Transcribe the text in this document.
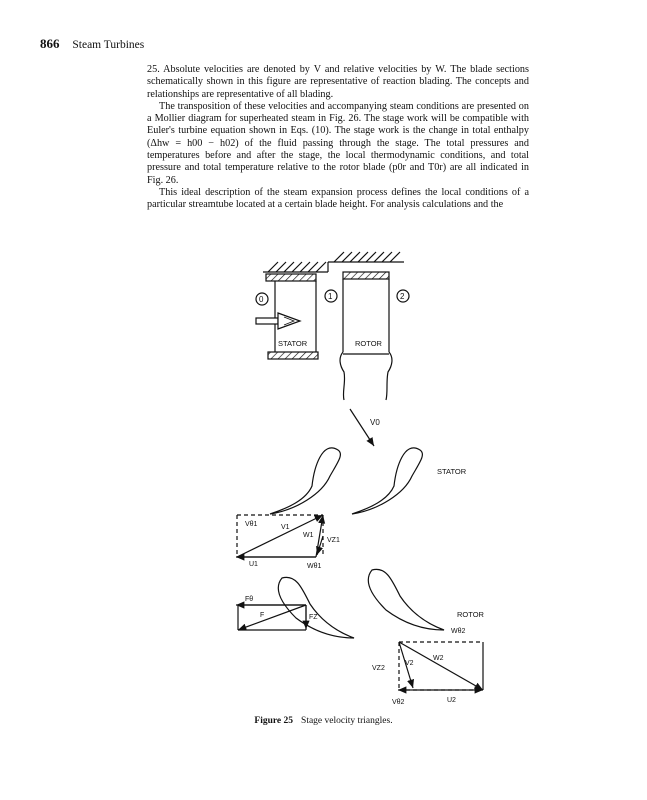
866 Steam Turbines

25. Absolute velocities are denoted by V and relative velocities by W. The blade sections schematically shown in this figure are representative of reaction blading. The concepts and relationships are representative of all blading.

The transposition of these velocities and accompanying steam conditions are presented on a Mollier diagram for superheated steam in Fig. 26. The stage work will be compatible with Euler's turbine equation shown in Eqs. (10). The stage work is the change in total enthalpy (Δhw = h00 − h02) of the fluid passing through the stage. The total pressures and temperatures before and after the stage, the local thermodynamic conditions, and total pressure and total temperature relative to the rotor blade (p0r and T0r) are all indicated in Fig. 26.

This ideal description of the steam expansion process defines the local conditions of a particular streamtube located at a certain blade height. For analysis calculations and the

STATOR	ROTOR
0	1	2
V0
STATOR
Vθ1	V1
W1
VZ1
U1	Wθ1
ROTOR
Fθ
F	FZ
Wθ2
W2
V2
VZ2
Vθ2	U2
Figure 25 Stage velocity triangles.
